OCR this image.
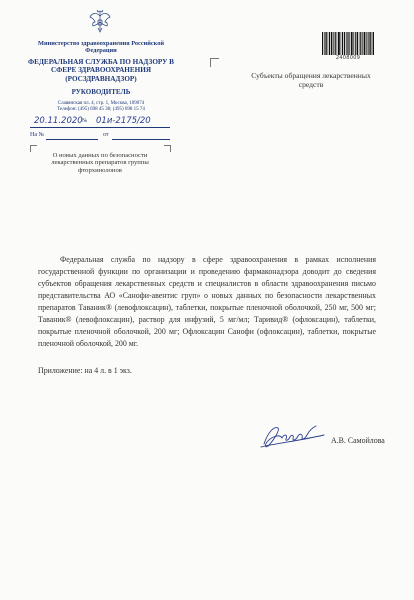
Министерство здравоохранения Российской Федерации
ФЕДЕРАЛЬНАЯ СЛУЖБА ПО НАДЗОРУ В СФЕРЕ ЗДРАВООХРАНЕНИЯ (РОСЗДРАВНАДЗОР)
РУКОВОДИТЕЛЬ
Славянская пл. 4, стр. 1, Москва, 109074
Телефон: (495) 698 45 38; (495) 698 15 74
20.11.2020 № 01и-2175/20
На №	от
О новых данных по безопасности лекарственных препаратов группы фторхинолонов
2408009
Субъекты обращения лекарственных средств
Федеральная служба по надзору в сфере здравоохранения в рамках исполнения государственной функции по организации и проведению фармаконадзора доводит до сведения субъектов обращения лекарственных средств и специалистов в области здравоохранения письмо представительства АО «Санофи-авентис груп» о новых данных по безопасности лекарственных препаратов Таваник® (левофлоксацин), таблетки, покрытые пленочной оболочкой, 250 мг, 500 мг; Таваник® (левофлоксацин), раствор для инфузий, 5 мг/мл; Таривид® (офлоксацин), таблетки, покрытые пленочной оболочкой, 200 мг; Офлоксацин Санофи (офлоксацин), таблетки, покрытые пленочной оболочкой, 200 мг.
Приложение: на 4 л. в 1 экз.
А.В. Самойлова
